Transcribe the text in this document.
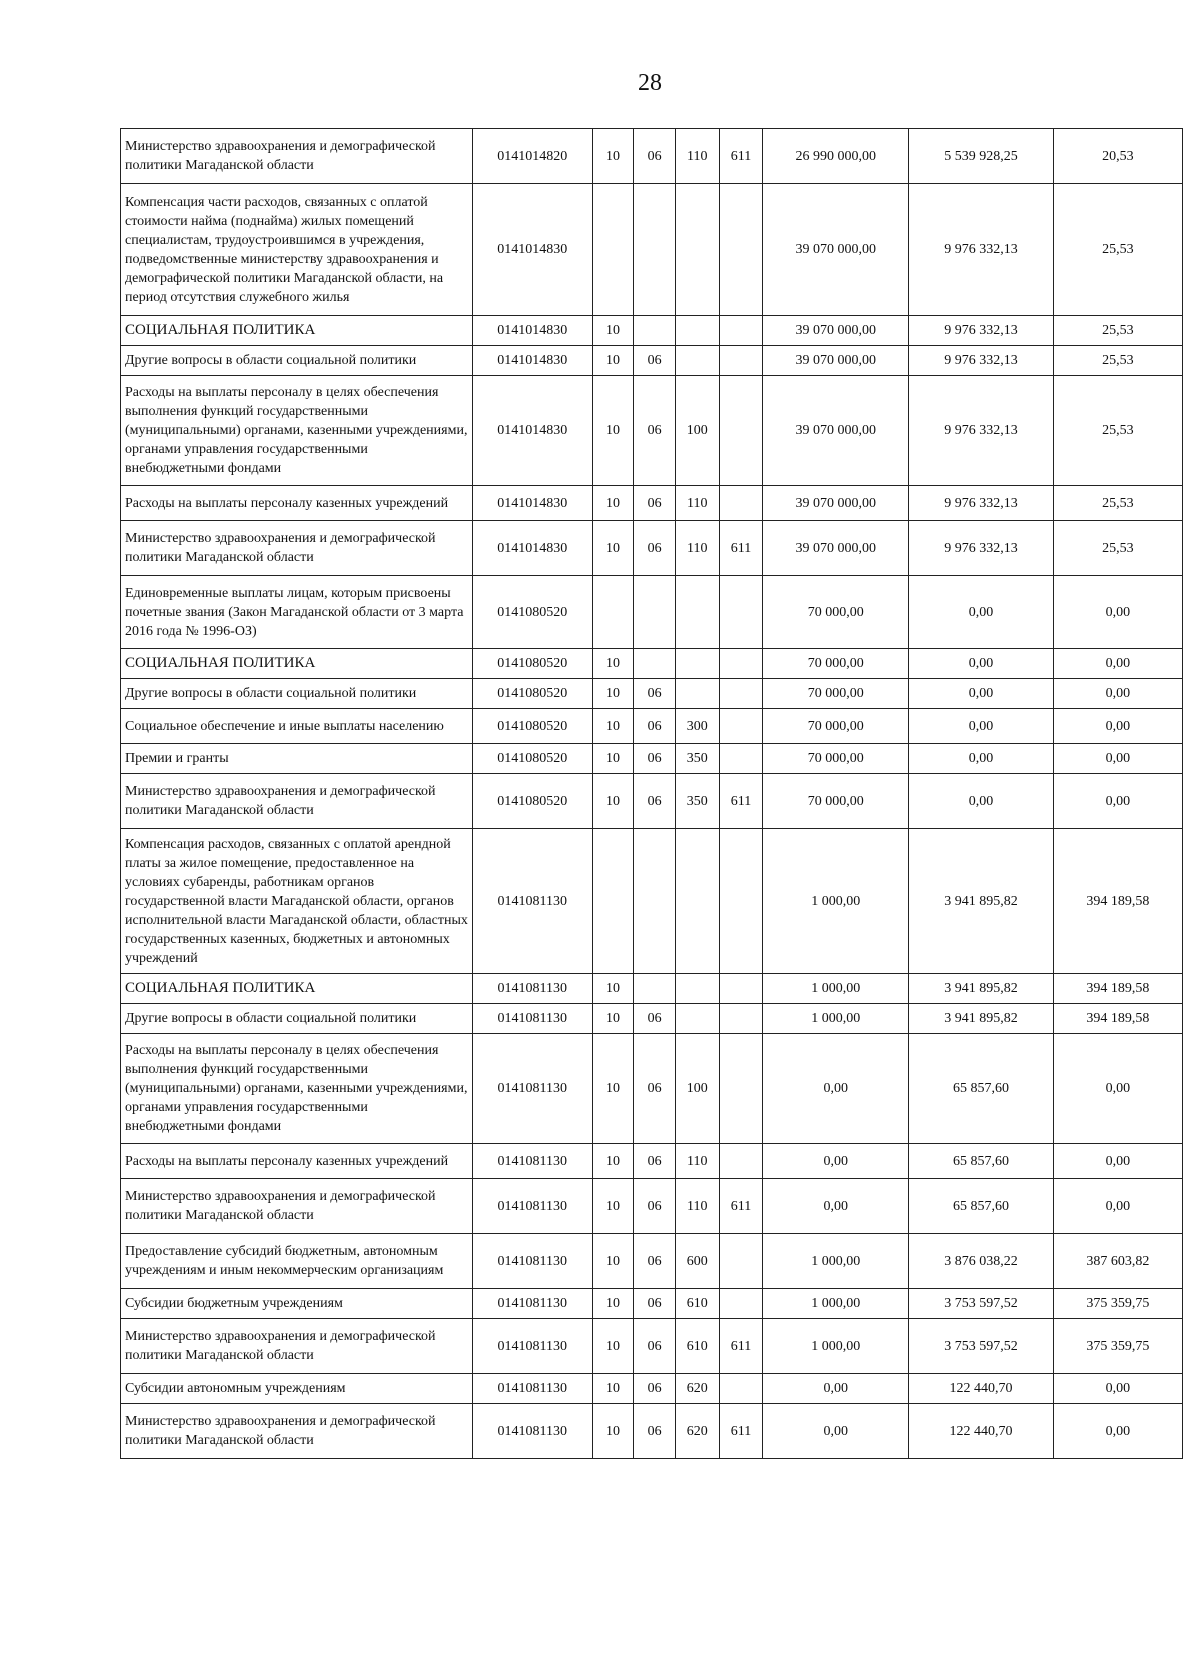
28
Министерство здравоохранения и демографической политики Магаданской области	0141014820	10	06	110	611	26 990 000,00	5 539 928,25	20,53
Компенсация части расходов, связанных с оплатой стоимости найма (поднайма) жилых помещений специалистам, трудоустроившимся в учреждения, подведомственные министерству здравоохранения и демографической политики Магаданской области, на период отсутствия служебного жилья	0141014830					39 070 000,00	9 976 332,13	25,53
СОЦИАЛЬНАЯ ПОЛИТИКА	0141014830	10				39 070 000,00	9 976 332,13	25,53
Другие вопросы в области социальной политики	0141014830	10	06			39 070 000,00	9 976 332,13	25,53
Расходы на выплаты персоналу в целях обеспечения выполнения функций государственными (муниципальными) органами, казенными учреждениями, органами управления государственными внебюджетными фондами	0141014830	10	06	100		39 070 000,00	9 976 332,13	25,53
Расходы на выплаты персоналу казенных учреждений	0141014830	10	06	110		39 070 000,00	9 976 332,13	25,53
Министерство здравоохранения и демографической политики Магаданской области	0141014830	10	06	110	611	39 070 000,00	9 976 332,13	25,53
Единовременные выплаты лицам, которым присвоены почетные звания (Закон Магаданской области от 3 марта 2016 года № 1996-ОЗ)	0141080520					70 000,00	0,00	0,00
СОЦИАЛЬНАЯ ПОЛИТИКА	0141080520	10				70 000,00	0,00	0,00
Другие вопросы в области социальной политики	0141080520	10	06			70 000,00	0,00	0,00
Социальное обеспечение и иные выплаты населению	0141080520	10	06	300		70 000,00	0,00	0,00
Премии и гранты	0141080520	10	06	350		70 000,00	0,00	0,00
Министерство здравоохранения и демографической политики Магаданской области	0141080520	10	06	350	611	70 000,00	0,00	0,00
Компенсация расходов, связанных с оплатой арендной платы за жилое помещение, предоставленное на условиях субаренды, работникам органов государственной власти Магаданской области, органов исполнительной власти Магаданской области, областных государственных казенных, бюджетных и автономных учреждений	0141081130					1 000,00	3 941 895,82	394 189,58
СОЦИАЛЬНАЯ ПОЛИТИКА	0141081130	10				1 000,00	3 941 895,82	394 189,58
Другие вопросы в области социальной политики	0141081130	10	06			1 000,00	3 941 895,82	394 189,58
Расходы на выплаты персоналу в целях обеспечения выполнения функций государственными (муниципальными) органами, казенными учреждениями, органами управления государственными внебюджетными фондами	0141081130	10	06	100		0,00	65 857,60	0,00
Расходы на выплаты персоналу казенных учреждений	0141081130	10	06	110		0,00	65 857,60	0,00
Министерство здравоохранения и демографической политики Магаданской области	0141081130	10	06	110	611	0,00	65 857,60	0,00
Предоставление субсидий бюджетным, автономным учреждениям и иным некоммерческим организациям	0141081130	10	06	600		1 000,00	3 876 038,22	387 603,82
Субсидии бюджетным учреждениям	0141081130	10	06	610		1 000,00	3 753 597,52	375 359,75
Министерство здравоохранения и демографической политики Магаданской области	0141081130	10	06	610	611	1 000,00	3 753 597,52	375 359,75
Субсидии автономным учреждениям	0141081130	10	06	620		0,00	122 440,70	0,00
Министерство здравоохранения и демографической политики Магаданской области	0141081130	10	06	620	611	0,00	122 440,70	0,00
